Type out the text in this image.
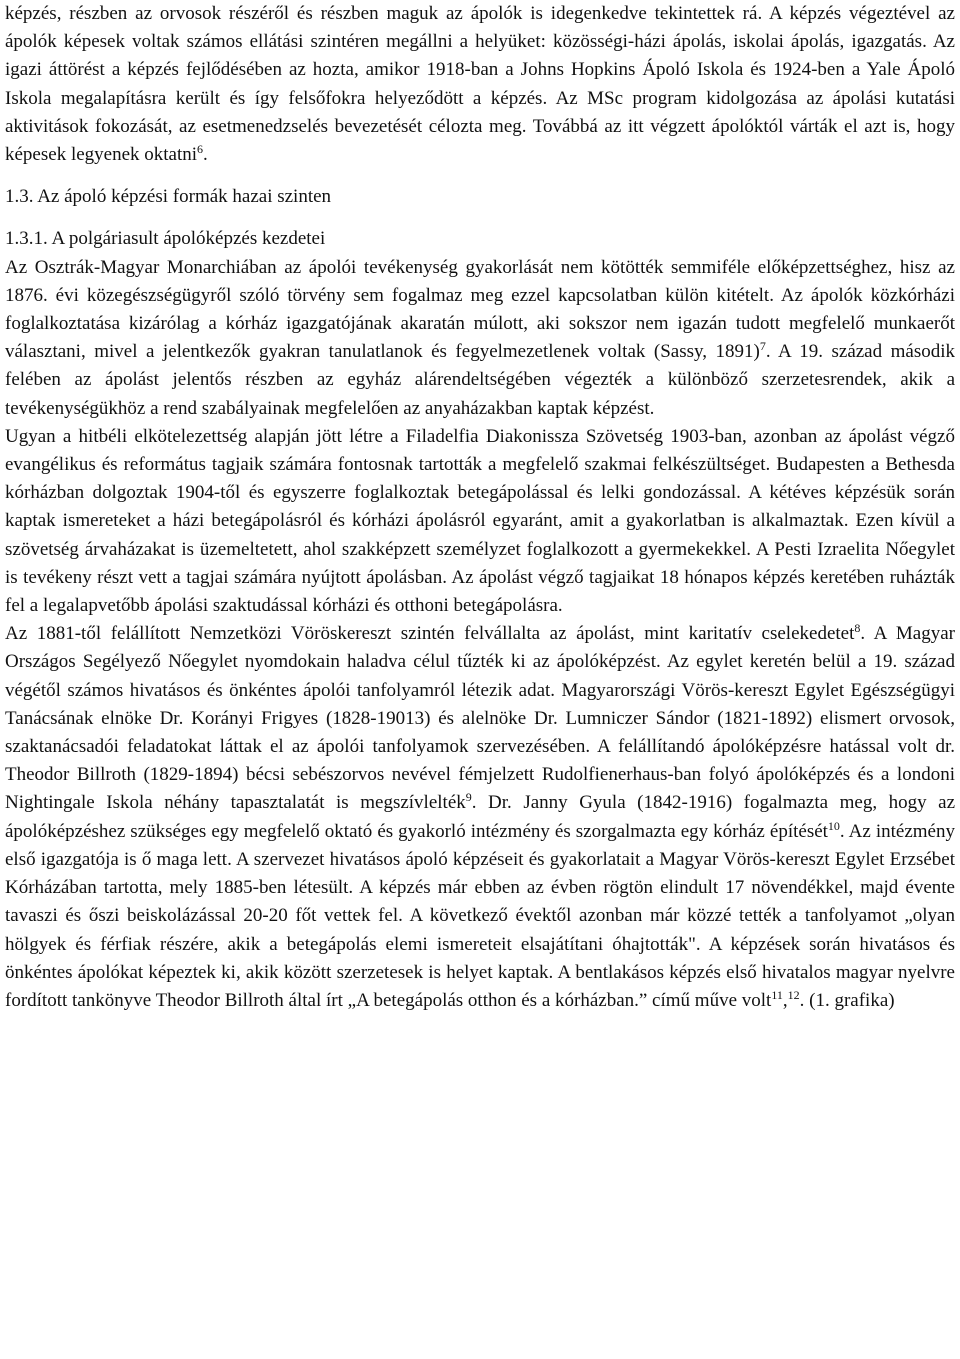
képzés, részben az orvosok részéről és részben maguk az ápolók is idegenkedve tekintettek rá. A képzés végeztével az ápolók képesek voltak számos ellátási szintéren megállni a helyüket: közösségi-házi ápolás, iskolai ápolás, igazgatás. Az igazi áttörést a képzés fejlődésében az hozta, amikor 1918-ban a Johns Hopkins Ápoló Iskola és 1924-ben a Yale Ápoló Iskola megalapításra került és így felsőfokra helyeződött a képzés. Az MSc program kidolgozása az ápolási kutatási aktivitások fokozását, az esetmenedzselés bevezetését célozta meg. Továbbá az itt végzett ápolóktól várták el azt is, hogy képesek legyenek oktatni$^6$.

1.3. Az ápoló képzési formák hazai szinten

1.3.1. A polgáriasult ápolóképzés kezdetei

Az Osztrák-Magyar Monarchiában az ápolói tevékenység gyakorlását nem kötötték semmiféle előképzettséghez, hisz az 1876. évi közegészségügyről szóló törvény sem fogalmaz meg ezzel kapcsolatban külön kitételt. Az ápolók közkórházi foglalkoztatása kizárólag a kórház igazgatójának akaratán múlott, aki sokszor nem igazán tudott megfelelő munkaerőt választani, mivel a jelentkezők gyakran tanulatlanok és fegyelmezetlenek voltak (Sassy, 1891)$^7$. A 19. század második felében az ápolást jelentős részben az egyház alárendeltségében végezték a különböző szerzetesrendek, akik a tevékenységükhöz a rend szabályainak megfelelően az anyaházakban kaptak képzést.

Ugyan a hitbéli elkötelezettség alapján jött létre a Filadelfia Diakonissza Szövetség 1903-ban, azonban az ápolást végző evangélikus és református tagjaik számára fontosnak tartották a megfelelő szakmai felkészültséget. Budapesten a Bethesda kórházban dolgoztak 1904-től és egyszerre foglalkoztak betegápolással és lelki gondozással. A kétéves képzésük során kaptak ismereteket a házi betegápolásról és kórházi ápolásról egyaránt, amit a gyakorlatban is alkalmaztak. Ezen kívül a szövetség árvaházakat is üzemeltetett, ahol szakképzett személyzet foglalkozott a gyermekekkel. A Pesti Izraelita Nőegylet is tevékeny részt vett a tagjai számára nyújtott ápolásban. Az ápolást végző tagjaikat 18 hónapos képzés keretében ruházták fel a legalapvetőbb ápolási szaktudással kórházi és otthoni betegápolásra.

Az 1881-től felállított Nemzetközi Vöröskereszt szintén felvállalta az ápolást, mint karitatív cselekedetet$^8$. A Magyar Országos Segélyező Nőegylet nyomdokain haladva célul tűzték ki az ápolóképzést. Az egylet keretén belül a 19. század végétől számos hivatásos és önkéntes ápolói tanfolyamról létezik adat. Magyarországi Vörös-kereszt Egylet Egészségügyi Tanácsának elnöke Dr. Korányi Frigyes (1828-19013) és alelnöke Dr. Lumniczer Sándor (1821-1892) elismert orvosok, szaktanácsadói feladatokat láttak el az ápolói tanfolyamok szervezésében. A felállítandó ápolóképzésre hatással volt dr. Theodor Billroth (1829-1894) bécsi sebészorvos nevével fémjelzett Rudolfienerhaus-ban folyó ápolóképzés és a londoni Nightingale Iskola néhány tapasztalatát is megszívlelték$^9$. Dr. Janny Gyula (1842-1916) fogalmazta meg, hogy az ápolóképzéshez szükséges egy megfelelő oktató és gyakorló intézmény és szorgalmazta egy kórház építését$^{10}$. Az intézmény első igazgatója is ő maga lett. A szervezet hivatásos ápoló képzéseit és gyakorlatait a Magyar Vörös-kereszt Egylet Erzsébet Kórházában tartotta, mely 1885-ben létesült. A képzés már ebben az évben rögtön elindult 17 növendékkel, majd évente tavaszi és őszi beiskolázással 20-20 főt vettek fel. A következő évektől azonban már közzé tették a tanfolyamot „olyan hölgyek és férfiak részére, akik a betegápolás elemi ismereteit elsajátítani óhajtották". A képzések során hivatásos és önkéntes ápolókat képeztek ki, akik között szerzetesek is helyet kaptak. A bentlakásos képzés első hivatalos magyar nyelvre fordított tankönyve Theodor Billroth által írt „A betegápolás otthon és a kórházban.” című műve volt$^{11}$,$^{12}$. (1. grafika)
